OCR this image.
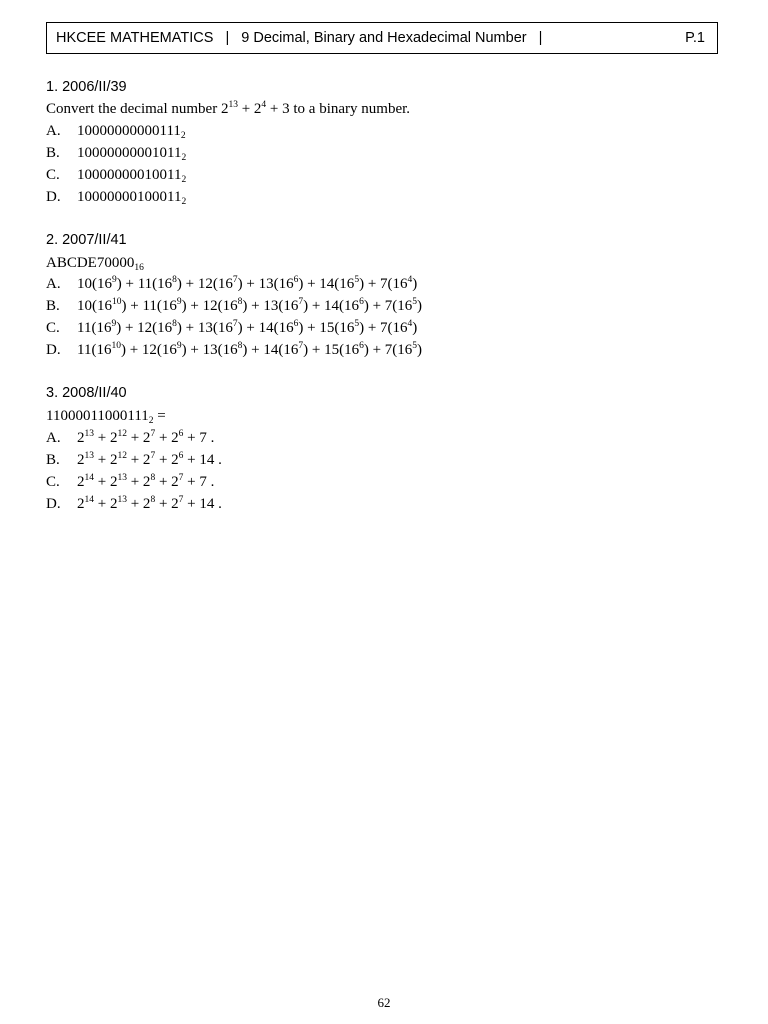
HKCEE MATHEMATICS   |   9 Decimal, Binary and Hexadecimal Number   |	P.1
1. 2006/II/39
Convert the decimal number $2^{13} + 2^4 + 3$ to a binary number.
A. $10000000000111_2$
B. $10000000001011_2$
C. $10000000010011_2$
D. $10000000100011_2$
2. 2007/II/41
$ABCDE70000_{16}$
A. $10(16^9) + 11(16^8) + 12(16^7) + 13(16^6) + 14(16^5) + 7(16^4)$
B. $10(16^{10}) + 11(16^9) + 12(16^8) + 13(16^7) + 14(16^6) + 7(16^5)$
C. $11(16^9) + 12(16^8) + 13(16^7) + 14(16^6) + 15(16^5) + 7(16^4)$
D. $11(16^{10}) + 12(16^9) + 13(16^8) + 14(16^7) + 15(16^6) + 7(16^5)$
3. 2008/II/40
$11000011000111_2$ =
A. $2^{13} + 2^{12} + 2^7 + 2^6 + 7$ .
B. $2^{13} + 2^{12} + 2^7 + 2^6 + 14$ .
C. $2^{14} + 2^{13} + 2^8 + 2^7 + 7$ .
D. $2^{14} + 2^{13} + 2^8 + 2^7 + 14$ .
62
